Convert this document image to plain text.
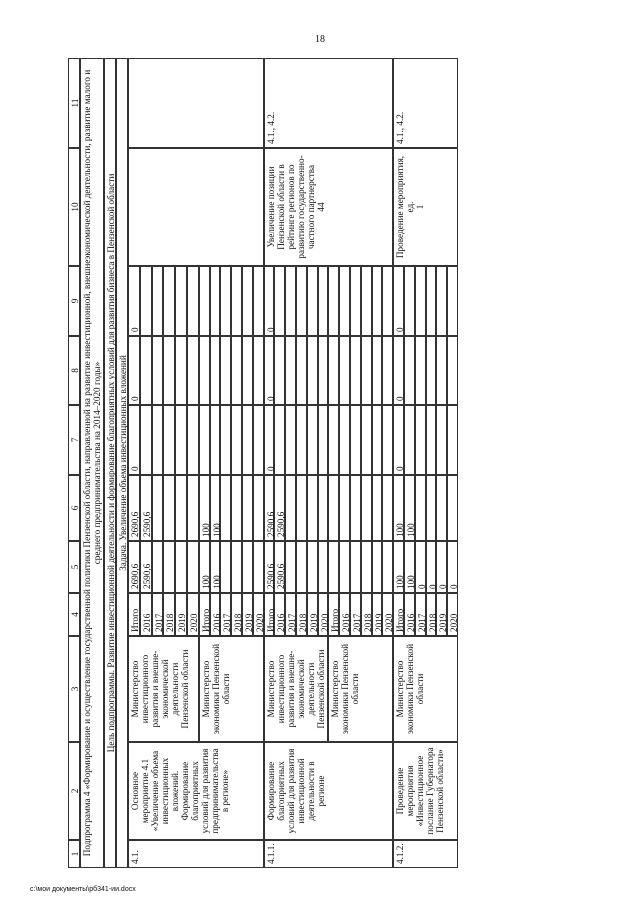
18
1
2
3
4
5
6
7
8
9
10
11 Подпрограмма 4 «Формирование и осуществление государственной политики Пензенской области, направленной на развитие инвестиционной, внешнеэкономической деятельности, развитие малого и среднего предпринимательства на 2014–2020 годы» Цель подпрограммы. Развитие инвестиционной деятельности и формирование благоприятных условий для развития бизнеса в Пензенской области Задача. Увеличение объема инвестиционных вложений
4.1.
Основное мероприятие 4.1 «Увеличение объема инвестиционных вложений. Формирование благоприятных условий для развития предпринимательства в регионе»
Министерство инвестиционного развития и внешне-экономической деятельности Пензенской области
Итого
2690,6
2690,6
0
0
0
2016
2590,6
2590,6
2017 2018 2019 2020
Министерство экономики Пензенской области
Итого
100
100
2016
100
100
2017 2018 2019 2020
4.1.1.
Формирование благоприятных условий для развития инвестиционной деятельности в регионе
Увеличение позиции Пензенской области в рейтинге регионов по развитию государственно-частного партнерства 44
4.1., 4.2.
Министерство инвестиционного развития и внешне-экономической деятельности Пензенской области
Итого
2590,6
2590,6
0
0
0
2016
2590,6
2590,6
2017 2018 2019 2020
Министерство экономики Пензенской области
Итого 2016 2017 2018 2019 2020
4.1.2.
Проведение мероприятия «Инвестиционное послание Губернатора Пензенской области»
Проведение мероприятия, ед. 1
4.1., 4.2.
Министерство экономики Пензенской области
Итого
100
100
0
0
0
2016
100
100
2017
0
2018
0
2019
0
2020
0
c:\мои документы\рб341-ии.docx
